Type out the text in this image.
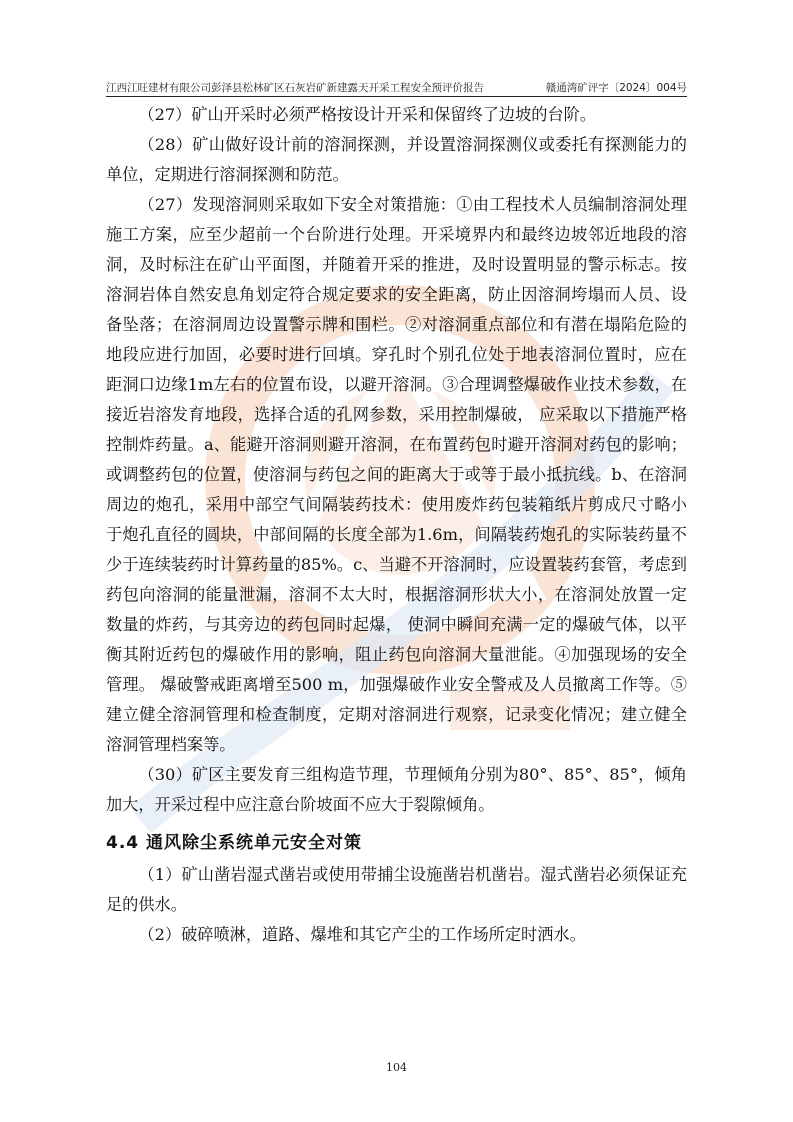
江西江旺建材有限公司彭泽县松林矿区石灰岩矿新建露天开采工程安全预评价报告	赣通湾矿评字〔2024〕004号

（27）矿山开采时必须严格按设计开采和保留终了边坡的台阶。

（28）矿山做好设计前的溶洞探测，并设置溶洞探测仪或委托有探测能力的单位，定期进行溶洞探测和防范。

（27）发现溶洞则采取如下安全对策措施：①由工程技术人员编制溶洞处理施工方案，应至少超前一个台阶进行处理。开采境界内和最终边坡邻近地段的溶洞，及时标注在矿山平面图，并随着开采的推进，及时设置明显的警示标志。按溶洞岩体自然安息角划定符合规定要求的安全距离，防止因溶洞垮塌而人员、设备坠落；在溶洞周边设置警示牌和围栏。②对溶洞重点部位和有潜在塌陷危险的地段应进行加固，必要时进行回填。穿孔时个别孔位处于地表溶洞位置时，应在距洞口边缘1m左右的位置布设，以避开溶洞。③合理调整爆破作业技术参数，在接近岩溶发育地段，选择合适的孔网参数，采用控制爆破， 应采取以下措施严格控制炸药量。a、能避开溶洞则避开溶洞，在布置药包时避开溶洞对药包的影响；或调整药包的位置，使溶洞与药包之间的距离大于或等于最小抵抗线。b、在溶洞周边的炮孔，采用中部空气间隔装药技术：使用废炸药包装箱纸片剪成尺寸略小于炮孔直径的圆块，中部间隔的长度全部为1.6m，间隔装药炮孔的实际装药量不少于连续装药时计算药量的85%。c、当避不开溶洞时，应设置装药套管，考虑到药包向溶洞的能量泄漏，溶洞不太大时，根据溶洞形状大小，在溶洞处放置一定数量的炸药，与其旁边的药包同时起爆， 使洞中瞬间充满一定的爆破气体，以平衡其附近药包的爆破作用的影响，阻止药包向溶洞大量泄能。④加强现场的安全管理。 爆破警戒距离增至500 m，加强爆破作业安全警戒及人员撤离工作等。⑤建立健全溶洞管理和检查制度，定期对溶洞进行观察，记录变化情况；建立健全溶洞管理档案等。

（30）矿区主要发育三组构造节理，节理倾角分别为80°、85°、85°，倾角加大，开采过程中应注意台阶坡面不应大于裂隙倾角。

4.4 通风除尘系统单元安全对策

（1）矿山凿岩湿式凿岩或使用带捕尘设施凿岩机凿岩。湿式凿岩必须保证充足的供水。

（2）破碎喷淋，道路、爆堆和其它产尘的工作场所定时洒水。

104
